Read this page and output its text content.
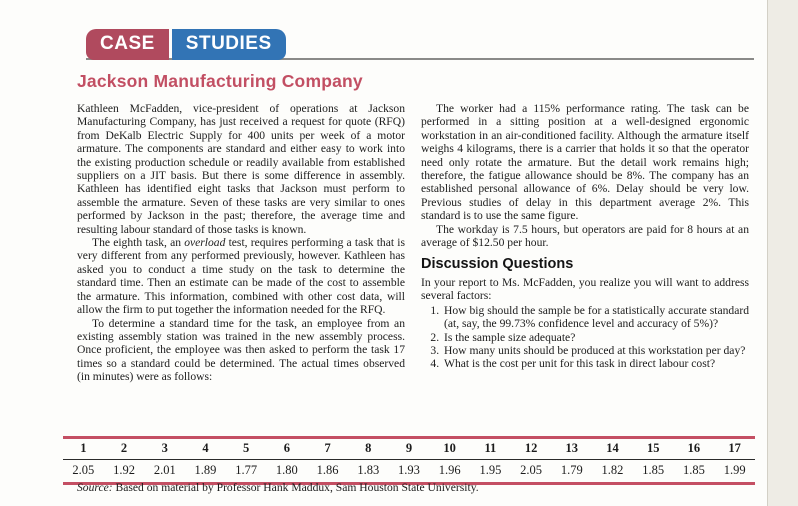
CASE	STUDIES
Jackson Manufacturing Company

Kathleen McFadden, vice-president of operations at Jackson Manufacturing Company, has just received a request for quote (RFQ) from DeKalb Electric Supply for 400 units per week of a motor armature. The components are standard and either easy to work into the existing production schedule or readily available from established suppliers on a JIT basis. But there is some difference in assembly. Kathleen has identified eight tasks that Jackson must perform to assemble the armature. Seven of these tasks are very similar to ones performed by Jackson in the past; therefore, the average time and resulting labour standard of those tasks is known.

The eighth task, an overload test, requires performing a task that is very different from any performed previously, however. Kathleen has asked you to conduct a time study on the task to determine the standard time. Then an estimate can be made of the cost to assemble the armature. This information, combined with other cost data, will allow the firm to put together the information needed for the RFQ.

To determine a standard time for the task, an employee from an existing assembly station was trained in the new assembly process. Once proficient, the employee was then asked to perform the task 17 times so a standard could be determined. The actual times observed (in minutes) were as follows:

The worker had a 115% performance rating. The task can be performed in a sitting position at a well-designed ergonomic workstation in an air-conditioned facility. Although the armature itself weighs 4 kilograms, there is a carrier that holds it so that the operator need only rotate the armature. But the detail work remains high; therefore, the fatigue allowance should be 8%. The company has an established personal allowance of 6%. Delay should be very low. Previous studies of delay in this department average 2%. This standard is to use the same figure.

The workday is 7.5 hours, but operators are paid for 8 hours at an average of $12.50 per hour.

Discussion Questions

In your report to Ms. McFadden, you realize you will want to address several factors:

1. How big should the sample be for a statistically accurate standard (at, say, the 99.73% confidence level and accuracy of 5%)?
2. Is the sample size adequate?
3. How many units should be produced at this workstation per day?
4. What is the cost per unit for this task in direct labour cost?
1	2	3	4	5	6	7	8	9	10	11	12	13	14	15	16	17
2.05	1.92	2.01	1.89	1.77	1.80	1.86	1.83	1.93	1.96	1.95	2.05	1.79	1.82	1.85	1.85	1.99
Source: Based on material by Professor Hank Maddux, Sam Houston State University.
